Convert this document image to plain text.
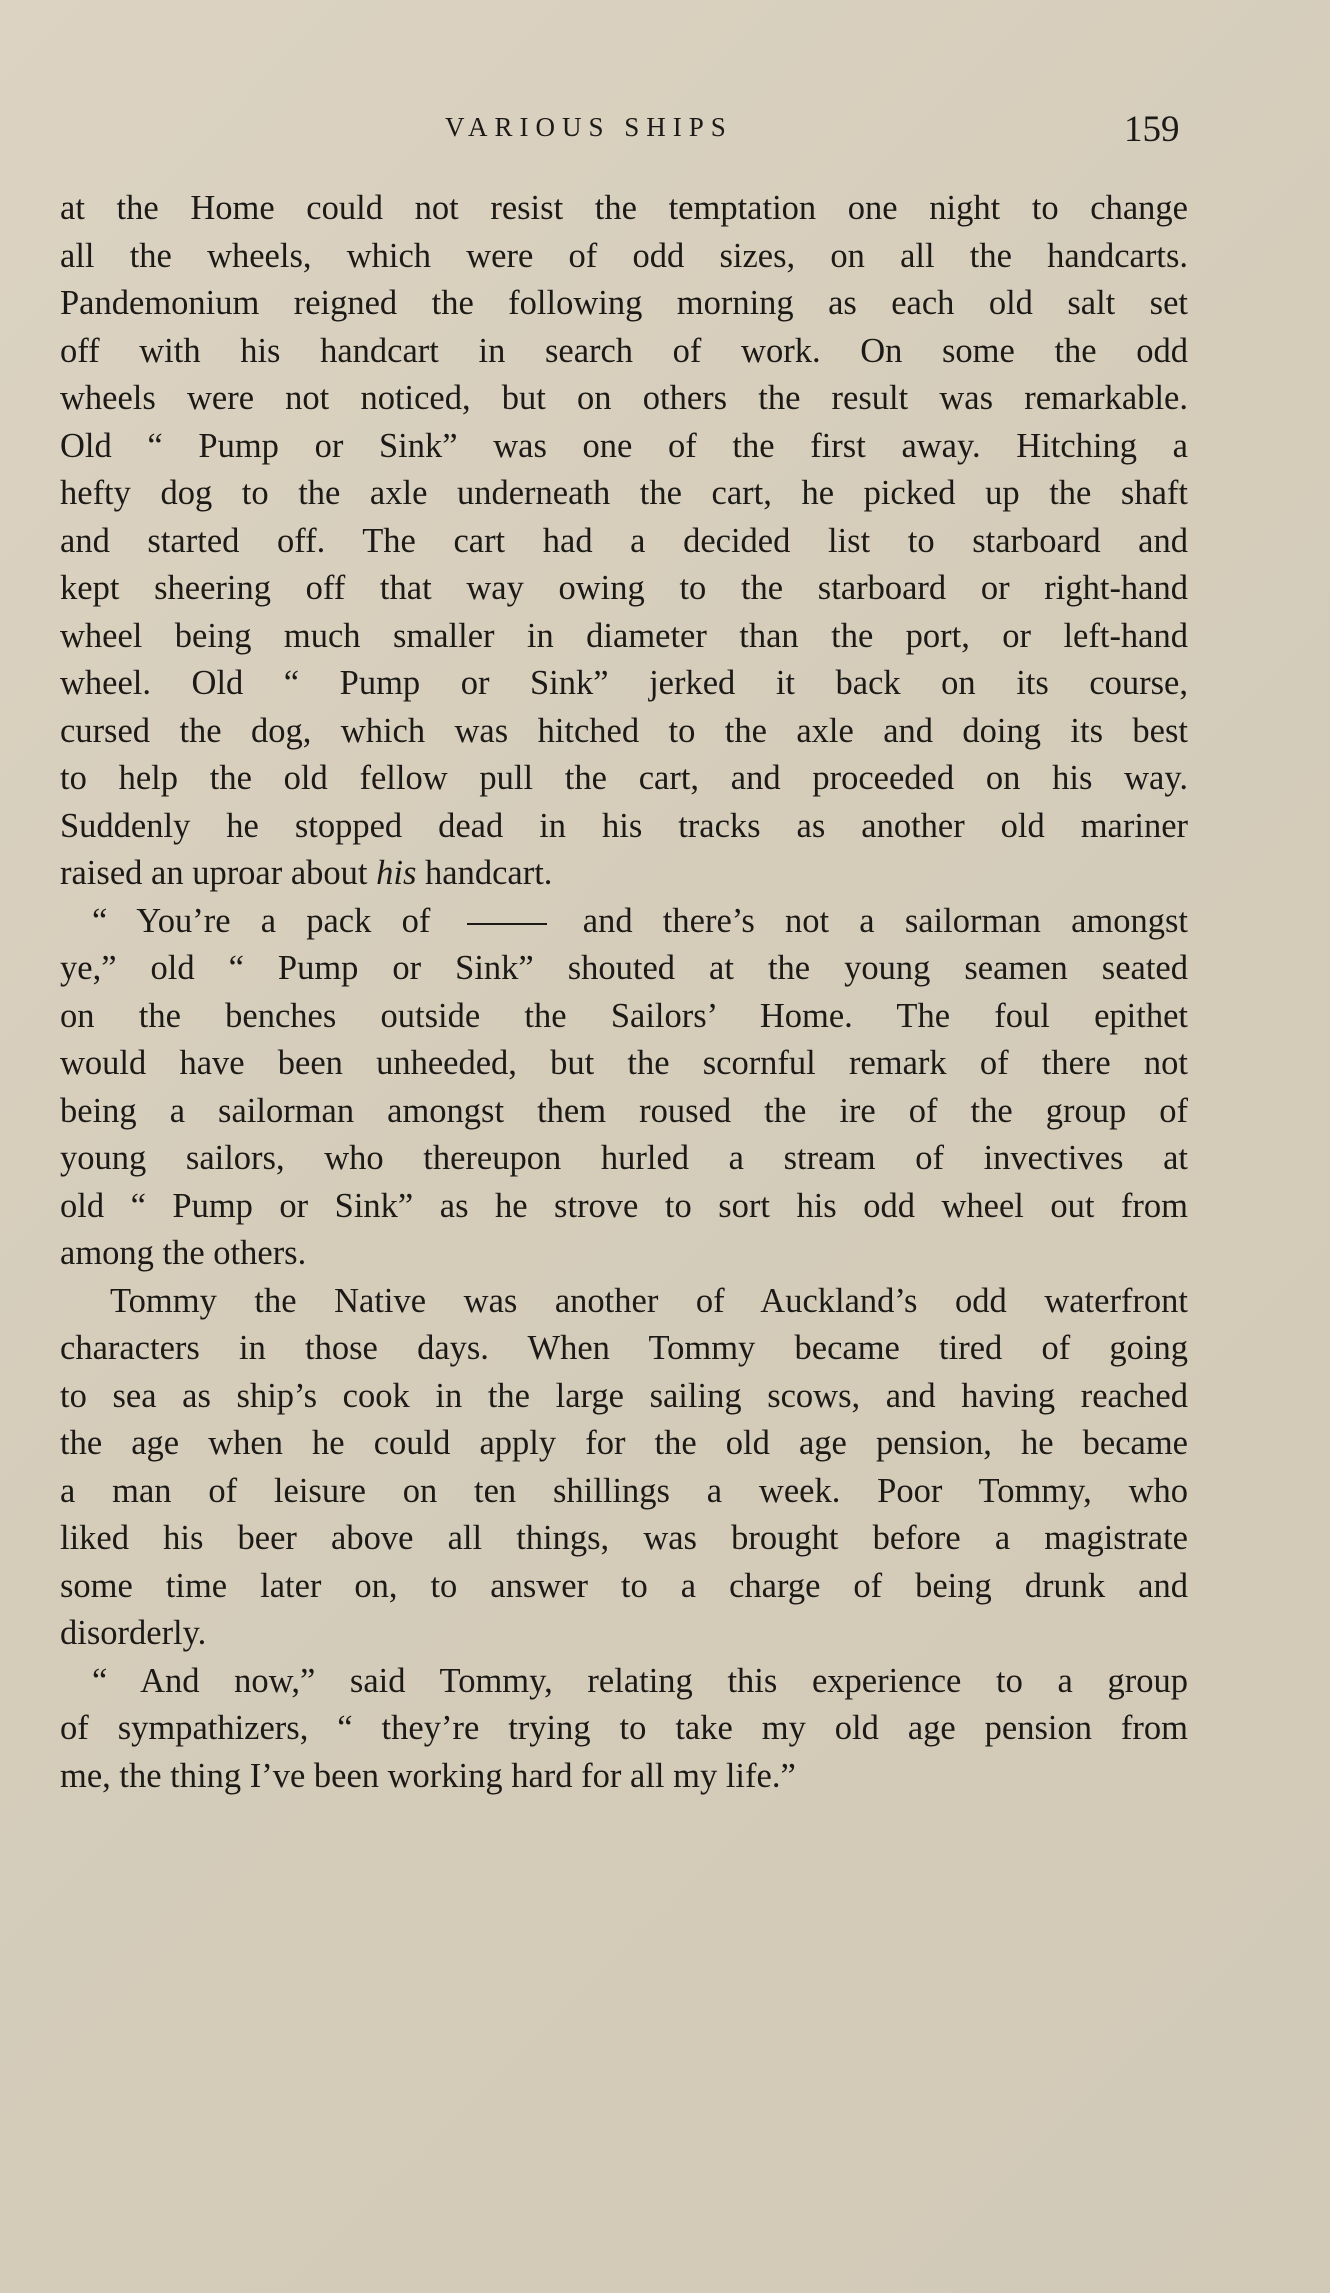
VARIOUS SHIPS	159
at the Home could not resist the temptation one night to change
all the wheels, which were of odd sizes, on all the handcarts.
Pandemonium reigned the following morning as each old salt set
off with his handcart in search of work. On some the odd
wheels were not noticed, but on others the result was remarkable.
Old “ Pump or Sink” was one of the first away. Hitching a
hefty dog to the axle underneath the cart, he picked up the shaft
and started off. The cart had a decided list to starboard and
kept sheering off that way owing to the starboard or right-hand
wheel being much smaller in diameter than the port, or left-hand
wheel. Old “ Pump or Sink” jerked it back on its course,
cursed the dog, which was hitched to the axle and doing its best
to help the old fellow pull the cart, and proceeded on his way.
Suddenly he stopped dead in his tracks as another old mariner
raised an uproar about his handcart.
“ You’re a pack of	and there’s not a sailorman amongst
ye,” old “ Pump or Sink” shouted at the young seamen seated
on the benches outside the Sailors’ Home. The foul epithet
would have been unheeded, but the scornful remark of there not
being a sailorman amongst them roused the ire of the group of
young sailors, who thereupon hurled a stream of invectives at
old “ Pump or Sink” as he strove to sort his odd wheel out from
among the others.
Tommy the Native was another of Auckland’s odd waterfront
characters in those days. When Tommy became tired of going
to sea as ship’s cook in the large sailing scows, and having reached
the age when he could apply for the old age pension, he became
a man of leisure on ten shillings a week. Poor Tommy, who
liked his beer above all things, was brought before a magistrate
some time later on, to answer to a charge of being drunk and
disorderly.
“ And now,” said Tommy, relating this experience to a group
of sympathizers, “ they’re trying to take my old age pension from
me, the thing I’ve been working hard for all my life.”
